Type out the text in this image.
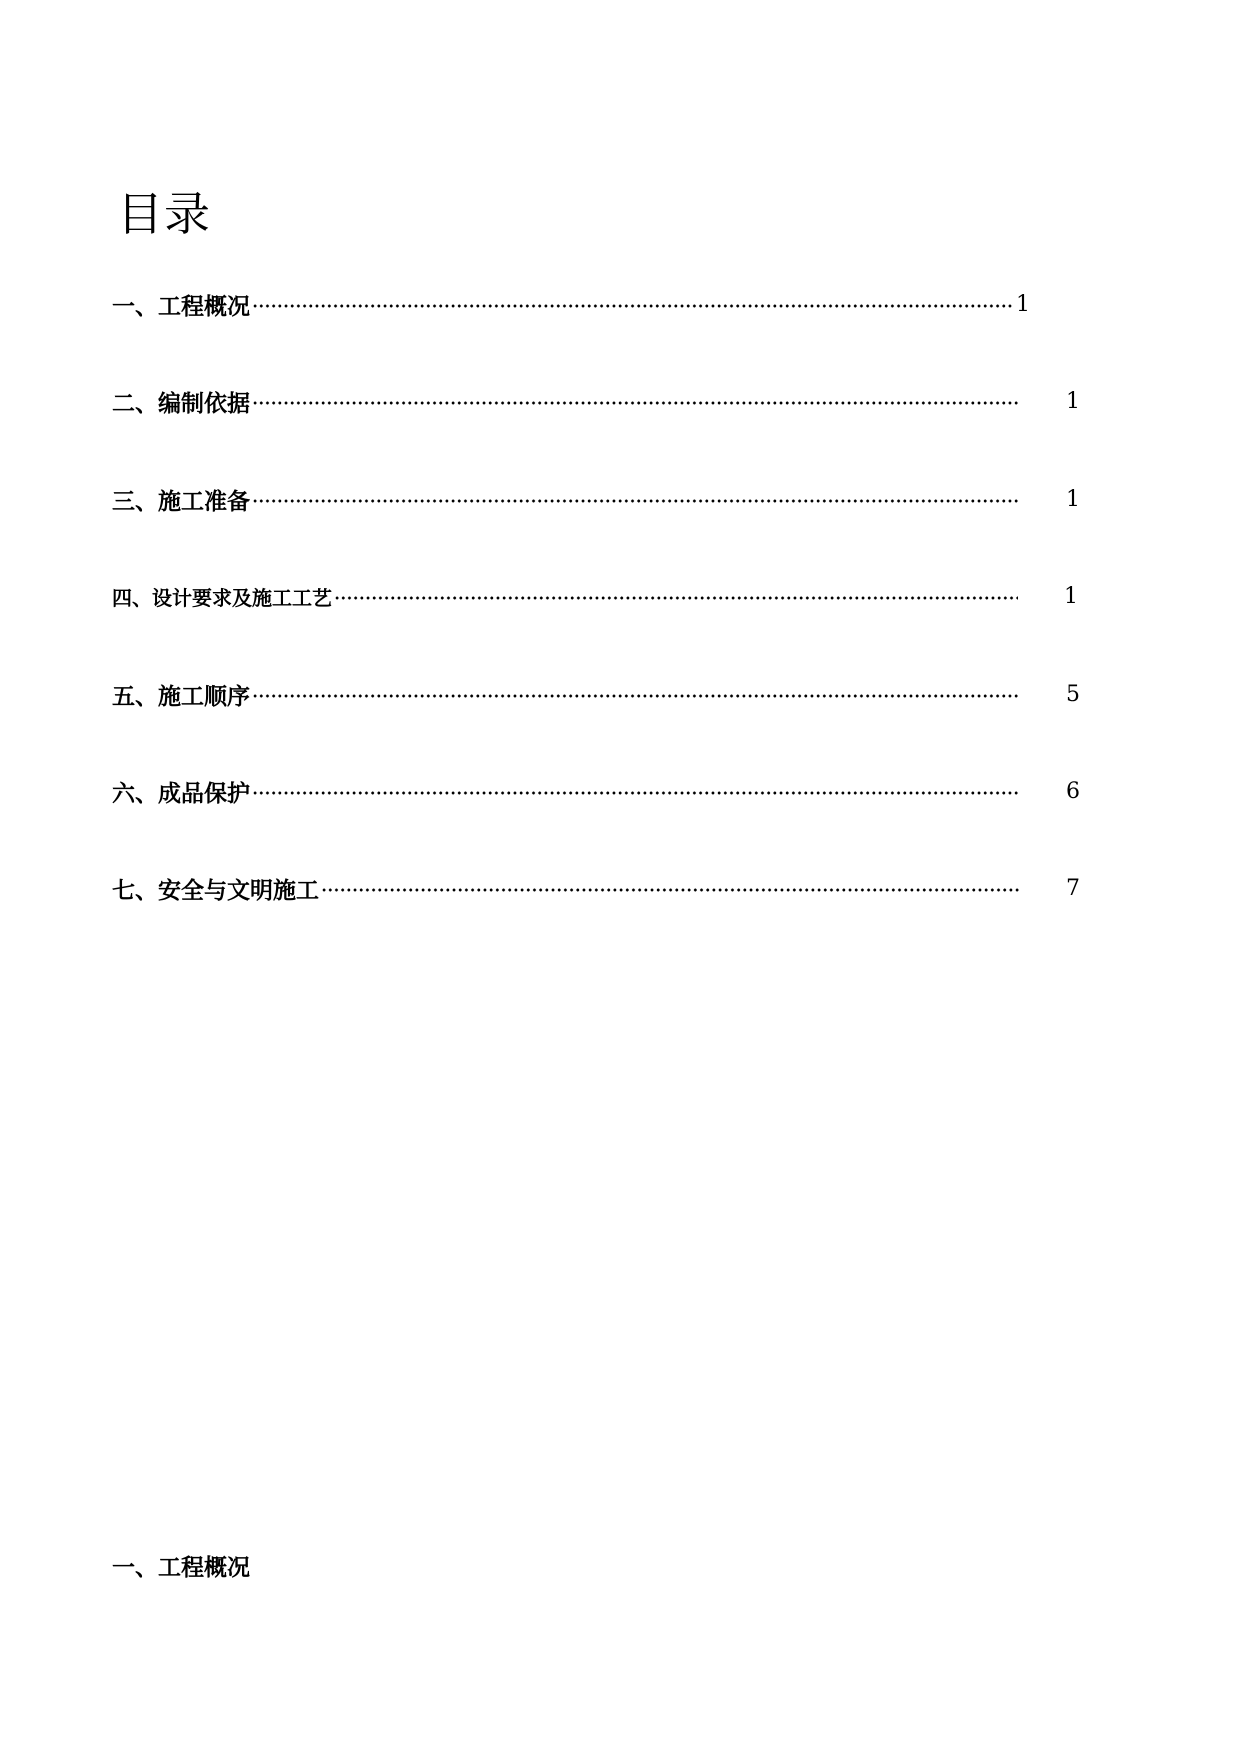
目录
一、工程概况	1
二、编制依据	1
三、施工准备	1
四、设计要求及施工工艺	1
五、施工顺序	5
六、成品保护	6
七、安全与文明施工	7
一、工程概况
